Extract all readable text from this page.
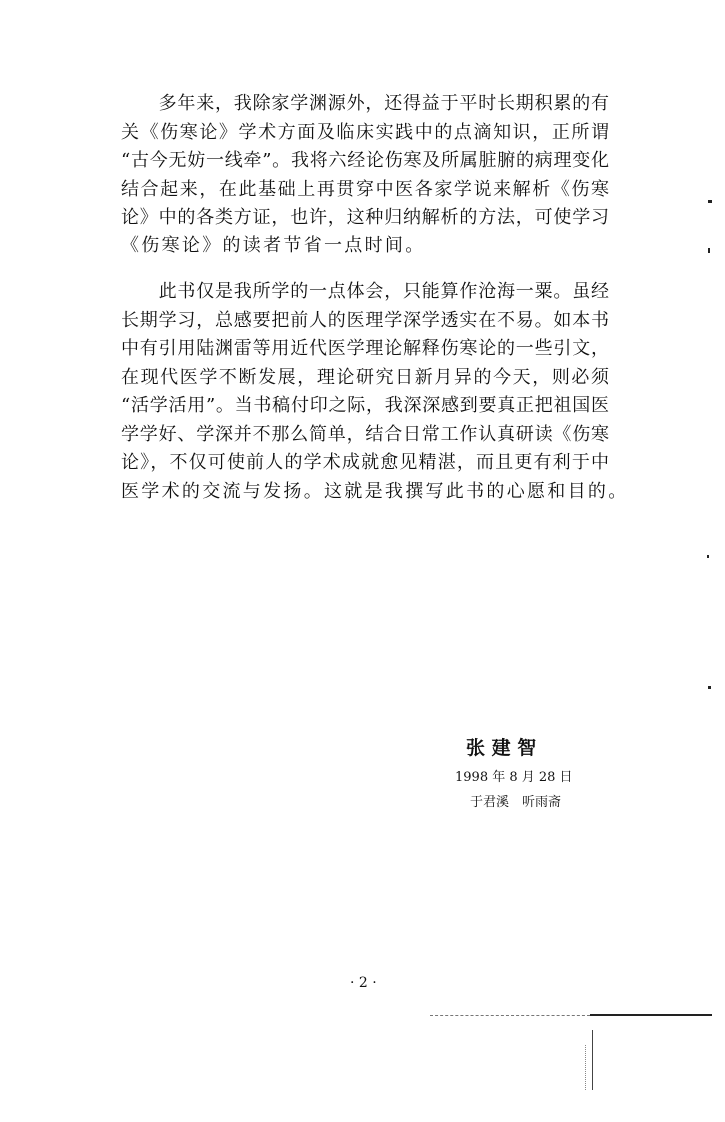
　　多年来，我除家学渊源外，还得益于平时长期积累的有
关《伤寒论》学术方面及临床实践中的点滴知识，正所谓
“古今无妨一线牵”。我将六经论伤寒及所属脏腑的病理变化
结合起来，在此基础上再贯穿中医各家学说来解析《伤寒
论》中的各类方证，也许，这种归纳解析的方法，可使学习
《伤寒论》的读者节省一点时间。
　　此书仅是我所学的一点体会，只能算作沧海一粟。虽经
长期学习，总感要把前人的医理学深学透实在不易。如本书
中有引用陆渊雷等用近代医学理论解释伤寒论的一些引文，
在现代医学不断发展，理论研究日新月异的今天，则必须
“活学活用”。当书稿付印之际，我深深感到要真正把祖国医
学学好、学深并不那么简单，结合日常工作认真研读《伤寒
论》，不仅可使前人的学术成就愈见精湛，而且更有利于中
医学术的交流与发扬。这就是我撰写此书的心愿和目的。
张 建 智
1998 年 8 月 28 日
于君溪　听雨斋
· 2 ·
